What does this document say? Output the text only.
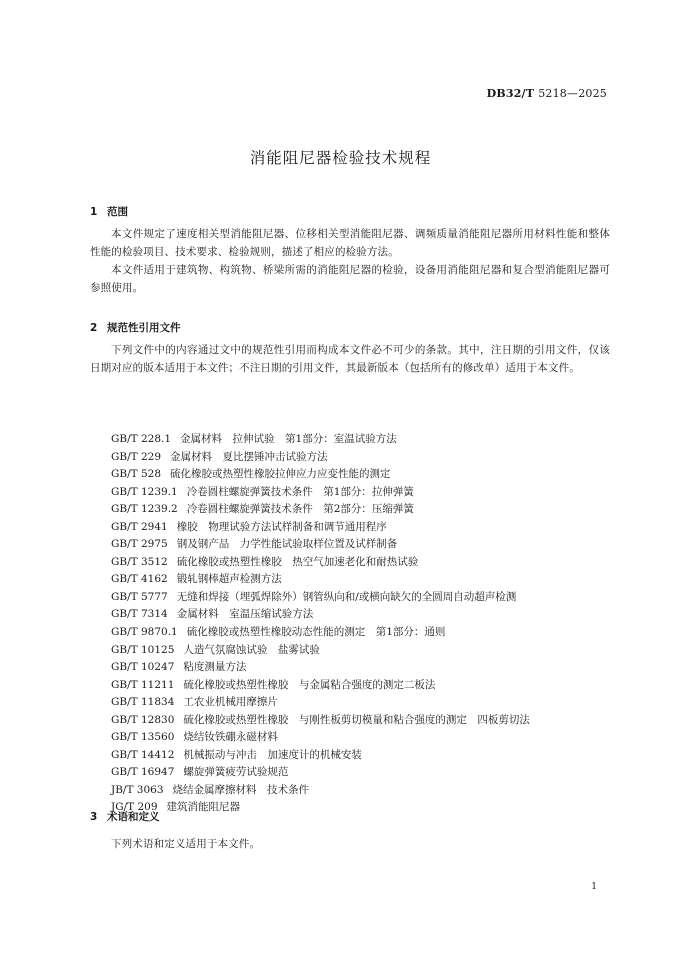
DB32/T 5218—2025
消能阻尼器检验技术规程
1 范围

本文件规定了速度相关型消能阻尼器、位移相关型消能阻尼器、调频质量消能阻尼器所用材料性能和整体性能的检验项目、技术要求、检验规则，描述了相应的检验方法。

本文件适用于建筑物、构筑物、桥梁所需的消能阻尼器的检验，设备用消能阻尼器和复合型消能阻尼器可参照使用。

2 规范性引用文件

下列文件中的内容通过文中的规范性引用而构成本文件必不可少的条款。其中，注日期的引用文件，仅该日期对应的版本适用于本文件；不注日期的引用文件，其最新版本（包括所有的修改单）适用于本文件。

GB/T 228.1 金属材料　拉伸试验　第1部分：室温试验方法
GB/T 229 金属材料　夏比摆锤冲击试验方法
GB/T 528 硫化橡胶或热塑性橡胶拉伸应力应变性能的测定
GB/T 1239.1 冷卷圆柱螺旋弹簧技术条件　第1部分：拉伸弹簧
GB/T 1239.2 冷卷圆柱螺旋弹簧技术条件　第2部分：压缩弹簧
GB/T 2941 橡胶　物理试验方法试样制备和调节通用程序
GB/T 2975 钢及钢产品　力学性能试验取样位置及试样制备
GB/T 3512 硫化橡胶或热塑性橡胶　热空气加速老化和耐热试验
GB/T 4162 锻轧钢棒超声检测方法
GB/T 5777 无缝和焊接（埋弧焊除外）钢管纵向和/或横向缺欠的全圆周自动超声检测
GB/T 7314 金属材料　室温压缩试验方法
GB/T 9870.1 硫化橡胶或热塑性橡胶动态性能的测定　第1部分：通则
GB/T 10125 人造气氛腐蚀试验　盐雾试验
GB/T 10247 粘度测量方法
GB/T 11211 硫化橡胶或热塑性橡胶　与金属粘合强度的测定二板法
GB/T 11834 工农业机械用摩擦片
GB/T 12830 硫化橡胶或热塑性橡胶　与刚性板剪切模量和粘合强度的测定　四板剪切法
GB/T 13560 烧结钕铁硼永磁材料
GB/T 14412 机械振动与冲击　加速度计的机械安装
GB/T 16947 螺旋弹簧疲劳试验规范
JB/T 3063 烧结金属摩擦材料　技术条件
JG/T 209 建筑消能阻尼器
3 术语和定义

下列术语和定义适用于本文件。

1
